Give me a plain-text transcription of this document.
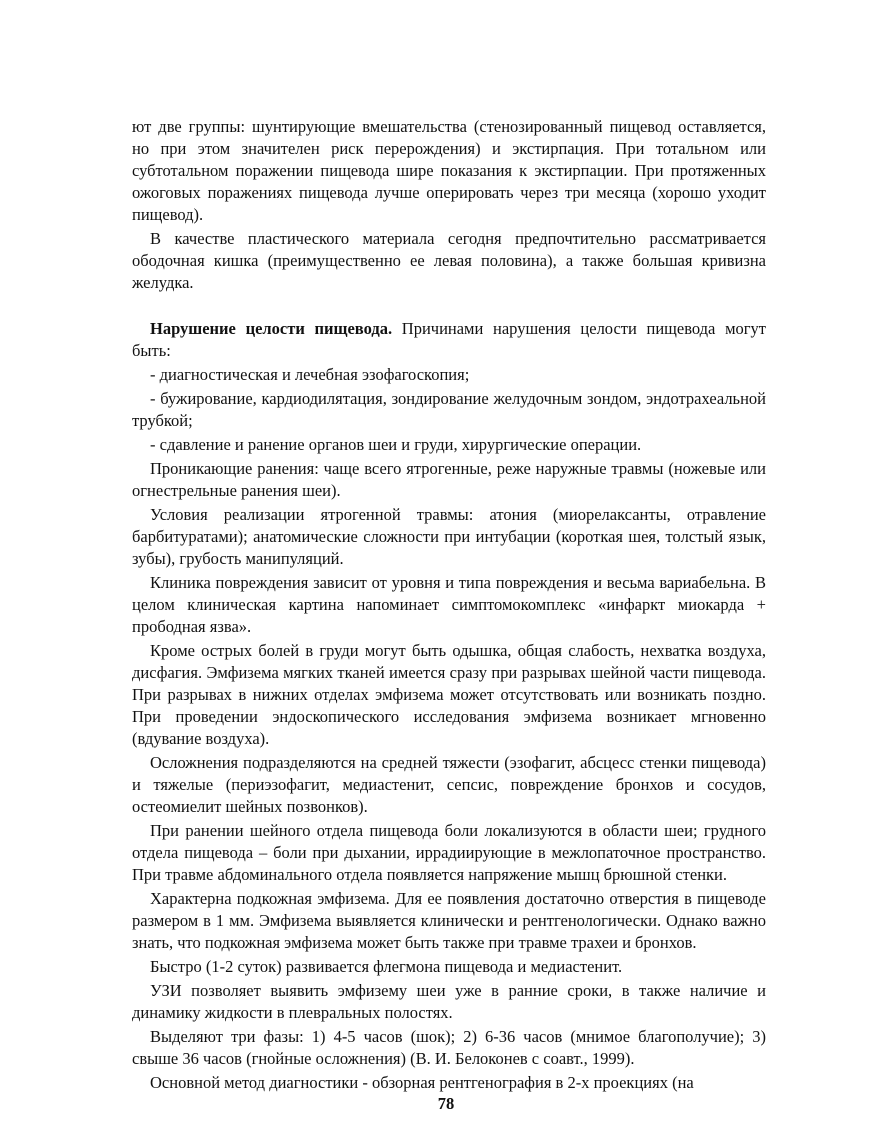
ют две группы: шунтирующие вмешательства (стенозированный пищевод оставляется, но при этом значителен риск перерождения) и экстирпация. При тотальном или субтотальном поражении пищевода шире показания к экстирпации. При протяженных ожоговых поражениях пищевода лучше оперировать через три месяца (хорошо уходит пищевод).

В качестве пластического материала сегодня предпочтительно рассматривается ободочная кишка (преимущественно ее левая половина), а также большая кривизна желудка.

Нарушение целости пищевода. Причинами нарушения целости пищевода могут быть:

- диагностическая и лечебная эзофагоскопия;

- бужирование, кардиодилятация, зондирование желудочным зондом, эндотрахеальной трубкой;

- сдавление и ранение органов шеи и груди, хирургические операции.

Проникающие ранения: чаще всего ятрогенные, реже наружные травмы (ножевые или огнестрельные ранения шеи).

Условия реализации ятрогенной травмы: атония (миорелаксанты, отравление барбитуратами); анатомические сложности при интубации (короткая шея, толстый язык, зубы), грубость манипуляций.

Клиника повреждения зависит от уровня и типа повреждения и весьма вариабельна. В целом клиническая картина напоминает симптомокомплекс «инфаркт миокарда + прободная язва».

Кроме острых болей в груди могут быть одышка, общая слабость, нехватка воздуха, дисфагия. Эмфизема мягких тканей имеется сразу при разрывах шейной части пищевода. При разрывах в нижних отделах эмфизема может отсутствовать или возникать поздно. При проведении эндоскопического исследования эмфизема возникает мгновенно (вдувание воздуха).

Осложнения подразделяются на средней тяжести (эзофагит, абсцесс стенки пищевода) и тяжелые (периэзофагит, медиастенит, сепсис, повреждение бронхов и сосудов, остеомиелит шейных позвонков).

При ранении шейного отдела пищевода боли локализуются в области шеи; грудного отдела пищевода – боли при дыхании, иррадиирующие в межлопаточное пространство. При травме абдоминального отдела появляется напряжение мышц брюшной стенки.

Характерна подкожная эмфизема. Для ее появления достаточно отверстия в пищеводе размером в 1 мм. Эмфизема выявляется клинически и рентгенологически. Однако важно знать, что подкожная эмфизема может быть также при травме трахеи и бронхов.

Быстро (1-2 суток) развивается флегмона пищевода и медиастенит.

УЗИ позволяет выявить эмфизему шеи уже в ранние сроки, в также наличие и динамику жидкости в плевральных полостях.

Выделяют три фазы: 1) 4-5 часов (шок); 2) 6-36 часов (мнимое благополучие); 3) свыше 36 часов (гнойные осложнения) (В. И. Белоконев с соавт., 1999).

Основной метод диагностики - обзорная рентгенография в 2-х проекциях (на

78
